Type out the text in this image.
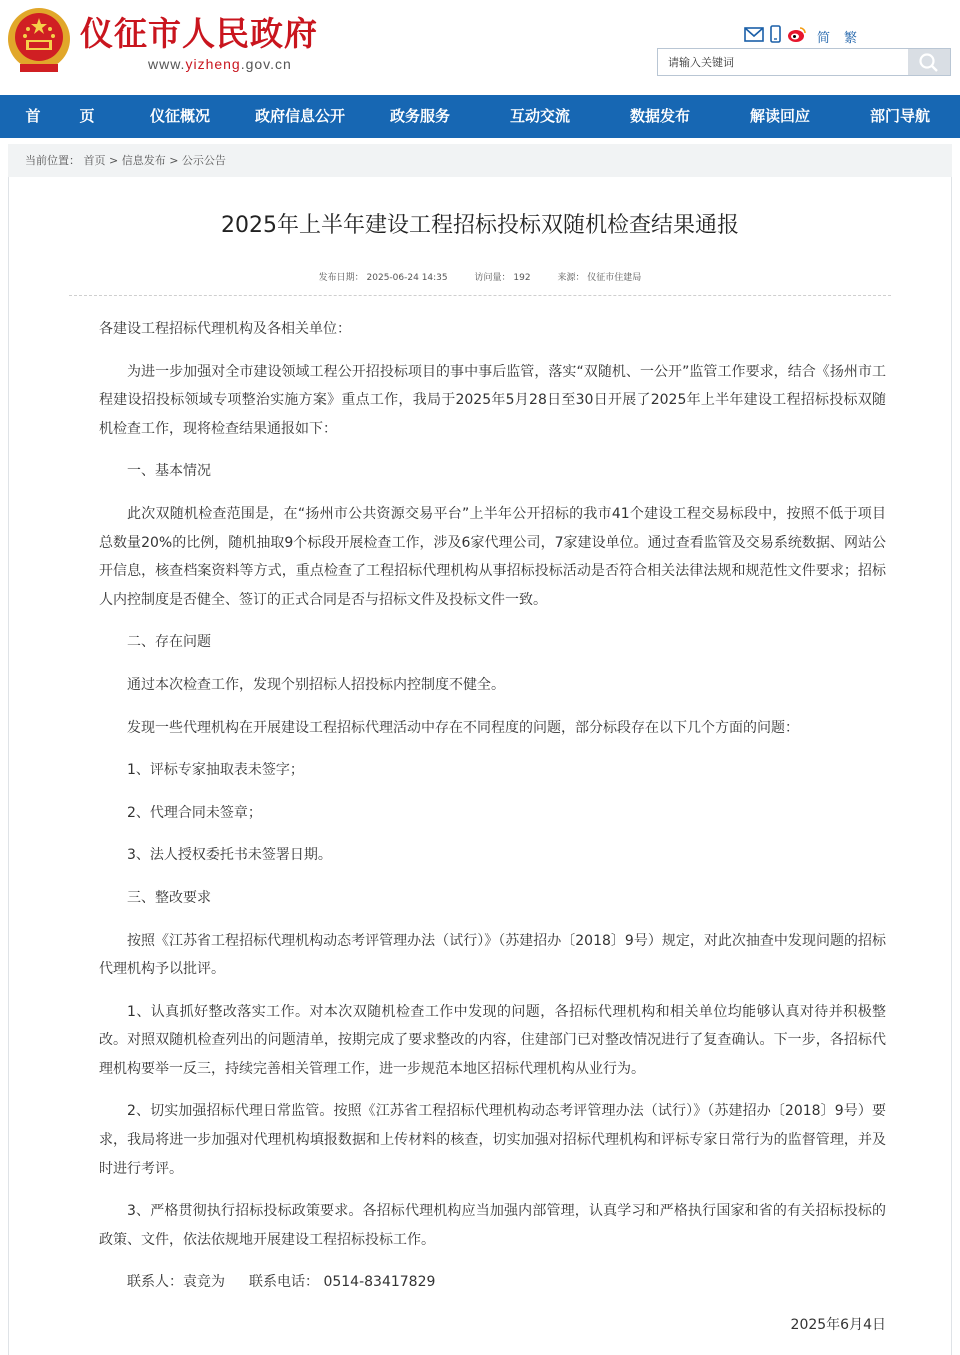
仪征市人民政府
www.yizheng.gov.cn
简 繁
请输入关键词
首　页	仪征概况	政府信息公开	政务服务	互动交流	数据发布	解读回应	部门导航
当前位置： 首页 > 信息发布 > 公示公告
2025年上半年建设工程招标投标双随机检查结果通报
发布日期： 2025-06-24 14:35	访问量： 192	来源： 仪征市住建局

各建设工程招标代理机构及各相关单位：

为进一步加强对全市建设领域工程公开招投标项目的事中事后监管，落实“双随机、一公开”监管工作要求，结合《扬州市工程建设招投标领域专项整治实施方案》重点工作，我局于2025年5月28日至30日开展了2025年上半年建设工程招标投标双随机检查工作，现将检查结果通报如下：

一、基本情况

此次双随机检查范围是，在“扬州市公共资源交易平台”上半年公开招标的我市41个建设工程交易标段中，按照不低于项目总数量20%的比例，随机抽取9个标段开展检查工作，涉及6家代理公司，7家建设单位。通过查看监管及交易系统数据、网站公开信息，核查档案资料等方式，重点检查了工程招标代理机构从事招标投标活动是否符合相关法律法规和规范性文件要求；招标人内控制度是否健全、签订的正式合同是否与招标文件及投标文件一致。

二、存在问题

通过本次检查工作，发现个别招标人招投标内控制度不健全。

发现一些代理机构在开展建设工程招标代理活动中存在不同程度的问题，部分标段存在以下几个方面的问题：

1、评标专家抽取表未签字；

2、代理合同未签章；

3、法人授权委托书未签署日期。

三、整改要求

按照《江苏省工程招标代理机构动态考评管理办法（试行）》（苏建招办〔2018〕9号）规定，对此次抽查中发现问题的招标代理机构予以批评。

1、认真抓好整改落实工作。对本次双随机检查工作中发现的问题，各招标代理机构和相关单位均能够认真对待并积极整改。对照双随机检查列出的问题清单，按期完成了要求整改的内容，住建部门已对整改情况进行了复查确认。下一步，各招标代理机构要举一反三，持续完善相关管理工作，进一步规范本地区招标代理机构从业行为。

2、切实加强招标代理日常监管。按照《江苏省工程招标代理机构动态考评管理办法（试行）》（苏建招办〔2018〕9号）要求，我局将进一步加强对代理机构填报数据和上传材料的核查，切实加强对招标代理机构和评标专家日常行为的监督管理，并及时进行考评。

3、严格贯彻执行招标投标政策要求。各招标代理机构应当加强内部管理，认真学习和严格执行国家和省的有关招标投标的政策、文件，依法依规地开展建设工程招标投标工作。

联系人：袁竞为 联系电话： 0514-83417829

2025年6月4日
